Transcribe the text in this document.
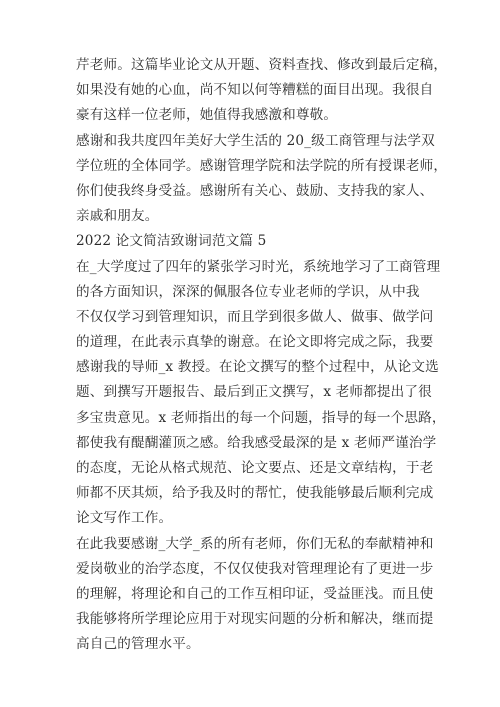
芹老师。这篇毕业论文从开题、资料查找、修改到最后定稿，
如果没有她的心血，尚不知以何等糟糕的面目出现。我很自
豪有这样一位老师，她值得我感激和尊敬。
感谢和我共度四年美好大学生活的 20_级工商管理与法学双
学位班的全体同学。感谢管理学院和法学院的所有授课老师，
你们使我终身受益。感谢所有关心、鼓励、支持我的家人、
亲戚和朋友。
2022 论文简洁致谢词范文篇 5
在_大学度过了四年的紧张学习时光，系统地学习了工商管理
的各方面知识，深深的佩服各位专业老师的学识，从中我
不仅仅学习到管理知识，而且学到很多做人、做事、做学问
的道理，在此表示真挚的谢意。在论文即将完成之际，我要
感谢我的导师_x 教授。在论文撰写的整个过程中，从论文选
题、到撰写开题报告、最后到正文撰写，x 老师都提出了很
多宝贵意见。x 老师指出的每一个问题，指导的每一个思路，
都使我有醍醐灌顶之感。给我感受最深的是 x 老师严谨治学
的态度，无论从格式规范、论文要点、还是文章结构，于老
师都不厌其烦，给予我及时的帮忙，使我能够最后顺利完成
论文写作工作。
在此我要感谢_大学_系的所有老师，你们无私的奉献精神和
爱岗敬业的治学态度，不仅仅使我对管理理论有了更进一步
的理解，将理论和自己的工作互相印证，受益匪浅。而且使
我能够将所学理论应用于对现实问题的分析和解决，继而提
高自己的管理水平。
